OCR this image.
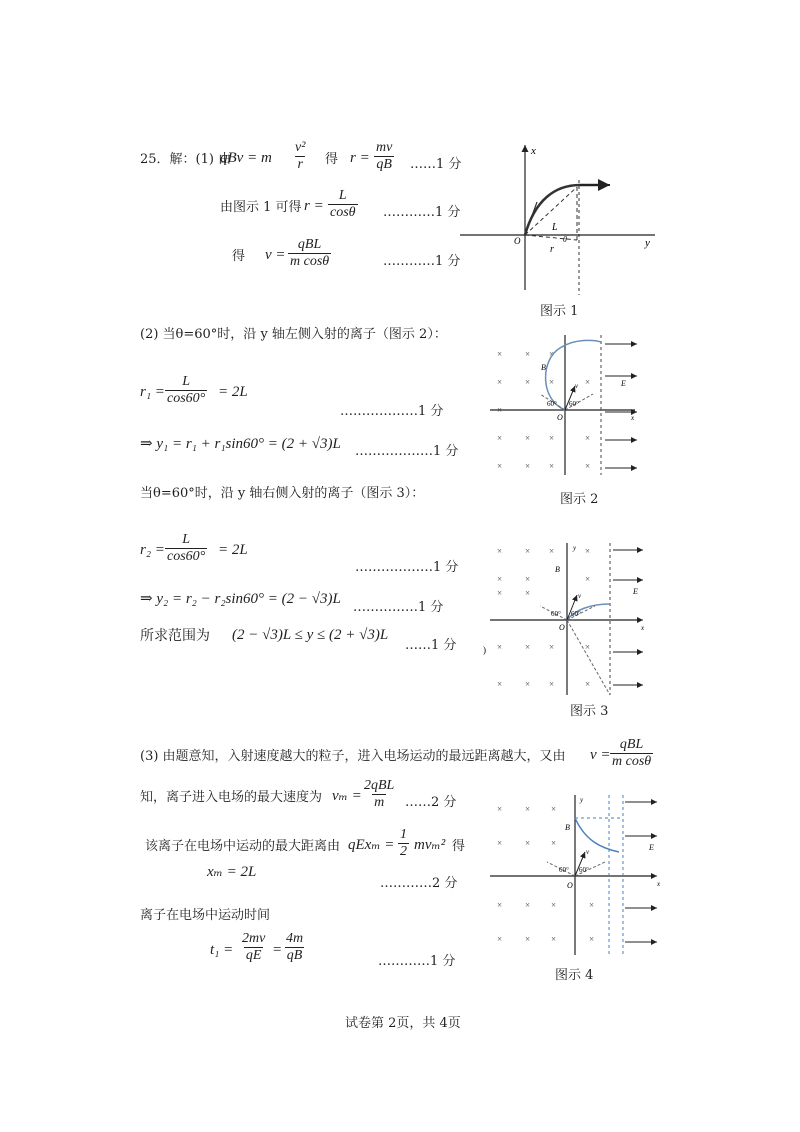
25．解：(1) 由
qBv = m $\frac{\text{v²}}{r}$ 得 $r = \frac{mv}{qB}$ ……1 分
由图示 1 可得 $r = \frac{L}{\cos\theta}$ …………1 分
得 v =
qBL
m cosθ	…………1 分
x
y
O
L
r
θ
图示 1
(2) 当θ=60°时，沿 y 轴左侧入射的离子（图示 2）：
$r_1 = \frac{L}{\cos 60^\circ} = 2L$
………………1 分
⇒ y₁ = r₁ + r₁sin60° = (2 + √3)L ………………1 分
当θ=60°时，沿 y 轴右侧入射的离子（图示 3）：
$r_2 = \frac{L}{\cos 60^\circ} = 2L$
………………1 分
⇒ y₂ = r₂ − r₂sin60° = (2 − √3)L
……………1 分
所求范围为 (2 − √3)L ≤ y ≤ (2 + √3)L
……1 分
×	× ×
×	× ×	×
×
×	× ×	×
×	× ×	×
B
E
O	x
v
60° 60°
图示 2
×	× ×	×
×	×	×
×	×
×	× ×	×
×	× ×	×
)
y
B
E
O	x
v
60° 60°
图示 3
(3) 由题意知，入射速度越大的粒子，进入电场运动的最远距离越大，又由 v =
qBL
m cosθ
知，离子进入电场的最大速度为 vₘ =
2qBL
m ……2 分
该离子在电场中运动的最大距离由 $qEx_m = \frac{1}{2} mv_m^2$ 得
xₘ = 2L
…………2 分
离子在电场中运动时间
$t_1 = \frac{2mv}{qE} = \frac{4m}{qB}$	…………1 分
×	× ×
×	× ×
×	× ×	×
×	× ×	×
y
B
E
O	x
v
60° 60°
图示 4
试卷第 2页，共 4页
